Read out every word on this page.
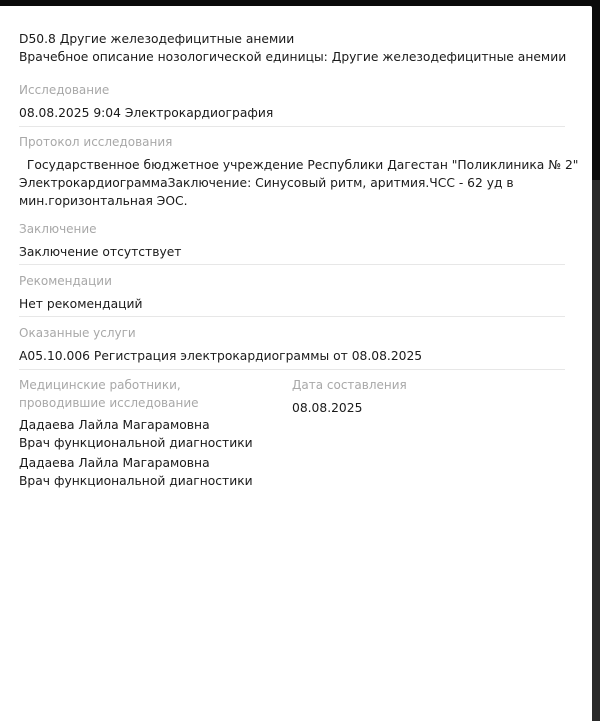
D50.8 Другие железодефицитные анемии
Врачебное описание нозологической единицы: Другие железодефицитные анемии
Исследование
08.08.2025 9:04 Электрокардиография
Протокол исследования
Государственное бюджетное учреждение Республики Дагестан "Поликлиника № 2"
ЭлектрокардиограммаЗаключение: Синусовый ритм, аритмия.ЧСС - 62 уд в
мин.горизонтальная ЭОС.
Заключение
Заключение отсутствует
Рекомендации
Нет рекомендаций
Оказанные услуги
A05.10.006 Регистрация электрокардиограммы от 08.08.2025
Медицинские работники, проводившие исследование
Дадаева Лайла Магарамовна
Врач функциональной диагностики
Дадаева Лайла Магарамовна
Врач функциональной диагностики
Дата составления
08.08.2025
